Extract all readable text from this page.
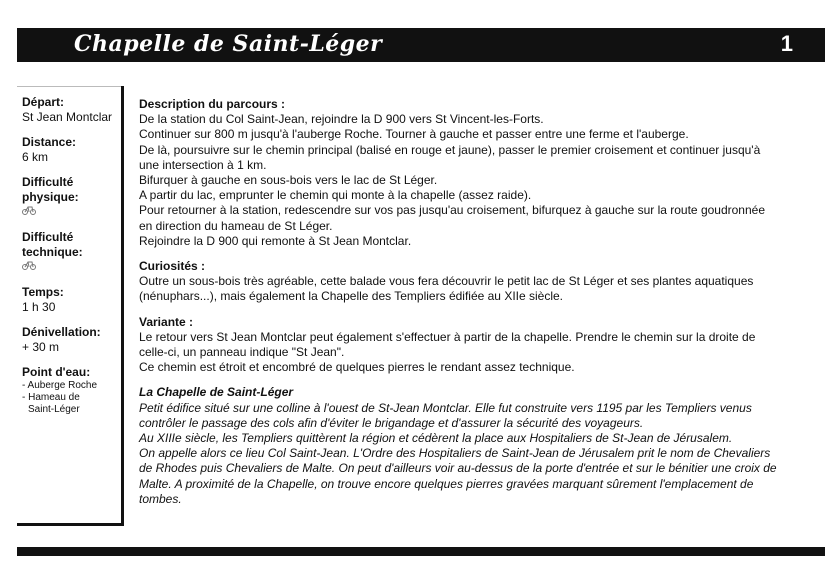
Chapelle de Saint-Léger	1
Départ:
St Jean Montclar
Distance:
6 km
Difficulté
physique:
Difficulté
technique:
Temps:
1 h 30
Dénivellation:
+ 30 m
Point d'eau:
- Auberge Roche
- Hameau de
Saint-Léger
Description du parcours :
De la station du Col Saint-Jean, rejoindre la D 900 vers St Vincent-les-Forts.
Continuer sur 800 m jusqu'à l'auberge Roche. Tourner à gauche et passer entre une ferme et l'auberge.
De là, poursuivre sur le chemin principal (balisé en rouge et jaune), passer le premier croisement et continuer jusqu'à
une intersection à 1 km.
Bifurquer à gauche en sous-bois vers le lac de St Léger.
A partir du lac, emprunter le chemin qui monte à la chapelle (assez raide).
Pour retourner à la station, redescendre sur vos pas jusqu'au croisement, bifurquez à gauche sur la route goudronnée
en direction du hameau de St Léger.
Rejoindre la D 900 qui remonte à St Jean Montclar.
Curiosités :
Outre un sous-bois très agréable, cette balade vous fera découvrir le petit lac de St Léger et ses plantes aquatiques
(nénuphars...), mais également la Chapelle des Templiers édifiée au XIIe siècle.
Variante :
Le retour vers St Jean Montclar peut également s'effectuer à partir de la chapelle. Prendre le chemin sur la droite de
celle-ci, un panneau indique "St Jean".
Ce chemin est étroit et encombré de quelques pierres le rendant assez technique.
La Chapelle de Saint-Léger
Petit édifice situé sur une colline à l'ouest de St-Jean Montclar. Elle fut construite vers 1195 par les Templiers venus
contrôler le passage des cols afin d'éviter le brigandage et d'assurer la sécurité des voyageurs.
Au XIIIe siècle, les Templiers quittèrent la région et cédèrent la place aux Hospitaliers de St-Jean de Jérusalem.
On appelle alors ce lieu Col Saint-Jean. L'Ordre des Hospitaliers de Saint-Jean de Jérusalem prit le nom de Chevaliers
de Rhodes puis Chevaliers de Malte. On peut d'ailleurs voir au-dessus de la porte d'entrée et sur le bénitier une croix de
Malte. A proximité de la Chapelle, on trouve encore quelques pierres gravées marquant sûrement l'emplacement de
tombes.
